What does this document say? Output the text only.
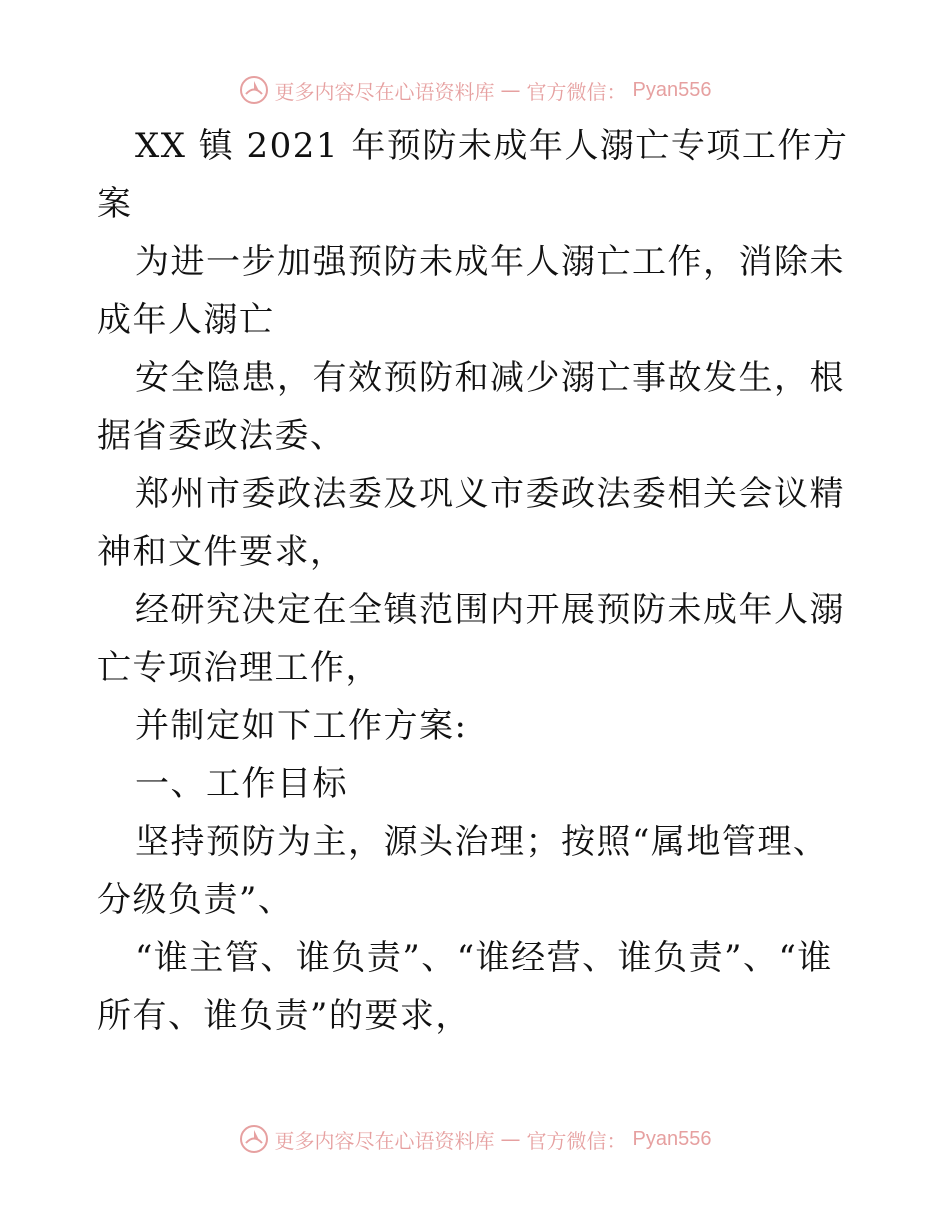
更多内容尽在心语资料库 — 官方微信： Pyan556

XX 镇 2021 年预防未成年人溺亡专项工作方案

为进一步加强预防未成年人溺亡工作，消除未成年人溺亡

安全隐患，有效预防和减少溺亡事故发生，根据省委政法委、

郑州市委政法委及巩义市委政法委相关会议精神和文件要求，

经研究决定在全镇范围内开展预防未成年人溺亡专项治理工作，

并制定如下工作方案:

一、工作目标

坚持预防为主，源头治理；按照“属地管理、分级负责”、

“谁主管、谁负责”、“谁经营、谁负责”、“谁所有、谁负责”的要求，

更多内容尽在心语资料库 — 官方微信： Pyan556
